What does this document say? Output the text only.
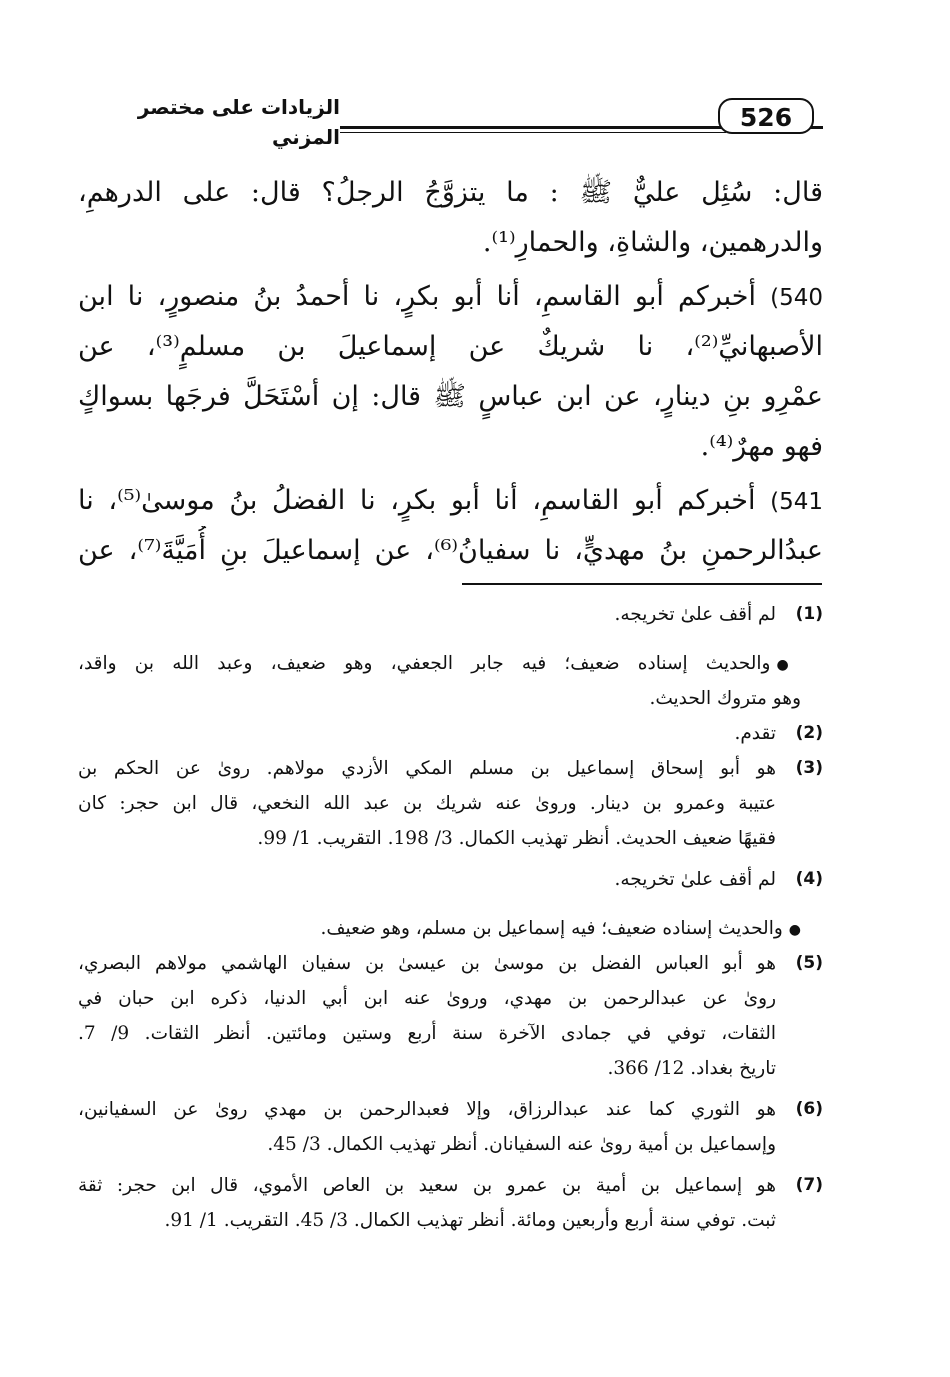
الزيادات على مختصر المزني
526
قال: سُئِل عليٌّ ﷺ : ما يتزوَّجُ الرجلُ؟ قال: على الدرهمِ،
والدرهمين، والشاةِ، والحمارِ⁽¹⁾.
540) أخبركم أبو القاسمِ، أنا أبو بكرٍ، نا أحمدُ بنُ منصورٍ، نا ابن
الأصبهانيِّ⁽²⁾، نا شريكٌ عن إسماعيلَ بن مسلمٍ⁽³⁾، عن
عمْرِو بنِ دينارٍ، عن ابن عباسٍ ﷺ قال: إن أسْتَحَلَّ فرجَها بسواكٍ
فهو مهرٌ⁽⁴⁾.
541) أخبركم أبو القاسمِ، أنا أبو بكرٍ، نا الفضلُ بنُ موسىٰ⁽⁵⁾، نا
عبدُالرحمنِ بنُ مهديٍّ، نا سفيانُ⁽⁶⁾، عن إسماعيلَ بنِ أُمَيَّةَ⁽⁷⁾، عن
(1)
لم أقف علىٰ تخريجه.
●والحديث إسناده ضعيف؛ فيه جابر الجعفي، وهو ضعيف، وعبد الله بن واقد،
وهو متروك الحديث.
(2)
تقدم.
(3)
هو أبو إسحاق إسماعيل بن مسلم المكي الأزدي مولاهم. روىٰ عن الحكم بن
عتيبة وعمرو بن دينار. وروىٰ عنه شريك بن عبد الله النخعي، قال ابن حجر: كان
فقيهًا ضعيف الحديث. أنظر تهذيب الكمال. 3/ 198. التقريب. 1/ 99.
(4)
لم أقف علىٰ تخريجه.
●والحديث إسناده ضعيف؛ فيه إسماعيل بن مسلم، وهو ضعيف.
(5)
هو أبو العباس الفضل بن موسىٰ بن عيسىٰ بن سفيان الهاشمي مولاهم البصري،
روىٰ عن عبدالرحمن بن مهدي، وروىٰ عنه ابن أبي الدنيا، ذكره ابن حبان في
الثقات، توفي في جمادى الآخرة سنة أربع وستين ومائتين. أنظر الثقات. 9/ 7.
تاريخ بغداد. 12/ 366.
(6)
هو الثوري كما عند عبدالرزاق، وإلا فعبدالرحمن بن مهدي روىٰ عن السفيانين،
وإسماعيل بن أمية روىٰ عنه السفيانان. أنظر تهذيب الكمال. 3/ 45.
(7)
هو إسماعيل بن أمية بن عمرو بن سعيد بن العاص الأموي، قال ابن حجر: ثقة
ثبت. توفي سنة أربع وأربعين ومائة. أنظر تهذيب الكمال. 3/ 45. التقريب. 1/ 91.
